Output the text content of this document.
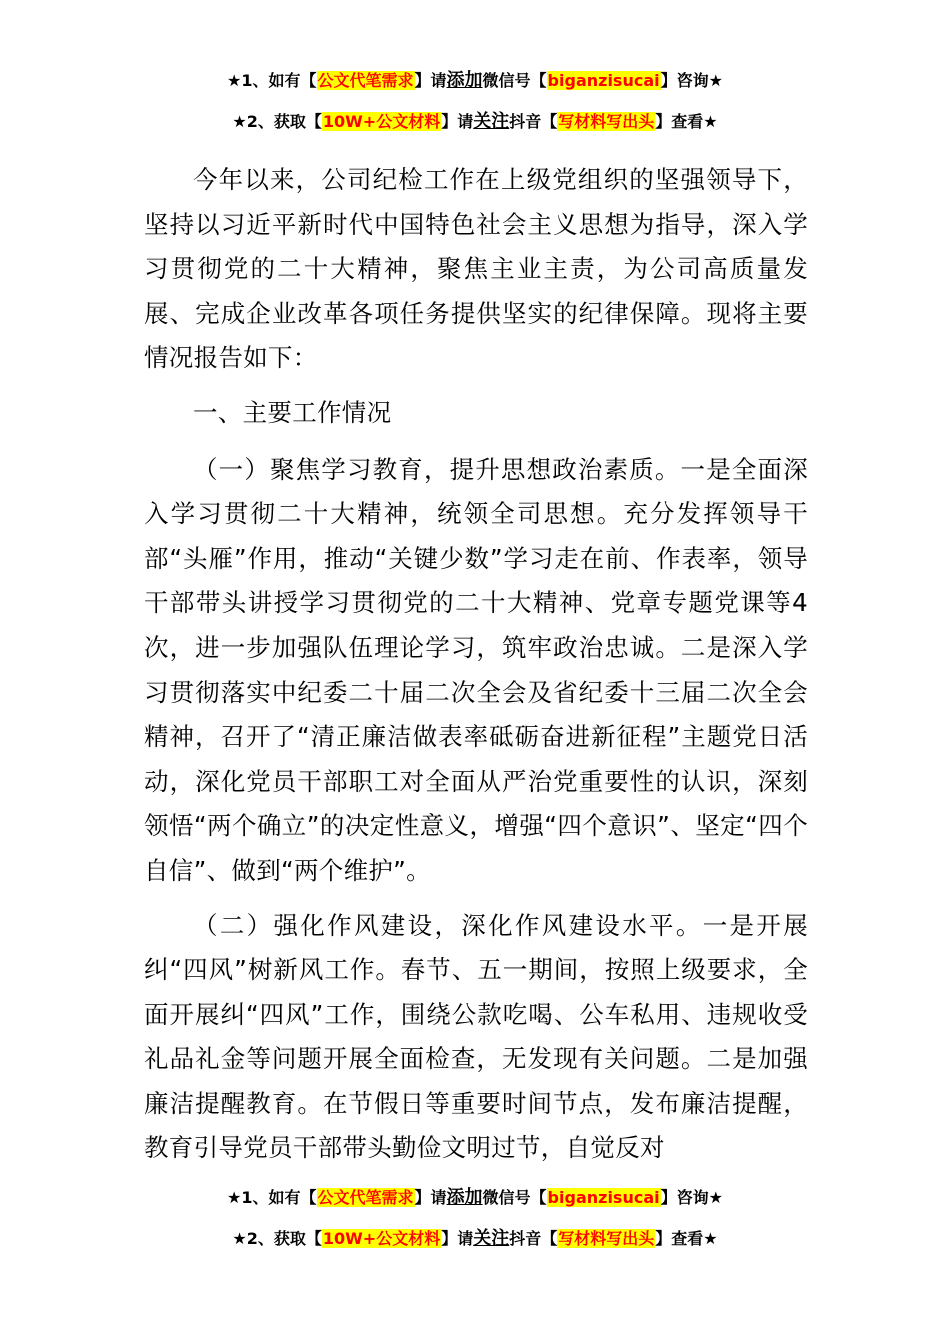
★1、如有【公文代笔需求】请添加微信号【biganzisucai】咨询★
★2、获取【10W+公文材料】请关注抖音【写材料写出头】查看★

今年以来，公司纪检工作在上级党组织的坚强领导下，坚持以习近平新时代中国特色社会主义思想为指导，深入学习贯彻党的二十大精神，聚焦主业主责，为公司高质量发展、完成企业改革各项任务提供坚实的纪律保障。现将主要情况报告如下：

一、主要工作情况

（一）聚焦学习教育，提升思想政治素质。一是全面深入学习贯彻二十大精神，统领全司思想。充分发挥领导干部“头雁”作用，推动“关键少数”学习走在前、作表率，领导干部带头讲授学习贯彻党的二十大精神、党章专题党课等4次，进一步加强队伍理论学习，筑牢政治忠诚。二是深入学习贯彻落实中纪委二十届二次全会及省纪委十三届二次全会精神，召开了“清正廉洁做表率砥砺奋进新征程”主题党日活动，深化党员干部职工对全面从严治党重要性的认识，深刻领悟“两个确立”的决定性意义，增强“四个意识”、坚定“四个自信”、做到“两个维护”。

（二）强化作风建设，深化作风建设水平。一是开展纠“四风”树新风工作。春节、五一期间，按照上级要求，全面开展纠“四风”工作，围绕公款吃喝、公车私用、违规收受礼品礼金等问题开展全面检查，无发现有关问题。二是加强廉洁提醒教育。在节假日等重要时间节点，发布廉洁提醒，教育引导党员干部带头勤俭文明过节，自觉反对

★1、如有【公文代笔需求】请添加微信号【biganzisucai】咨询★
★2、获取【10W+公文材料】请关注抖音【写材料写出头】查看★
